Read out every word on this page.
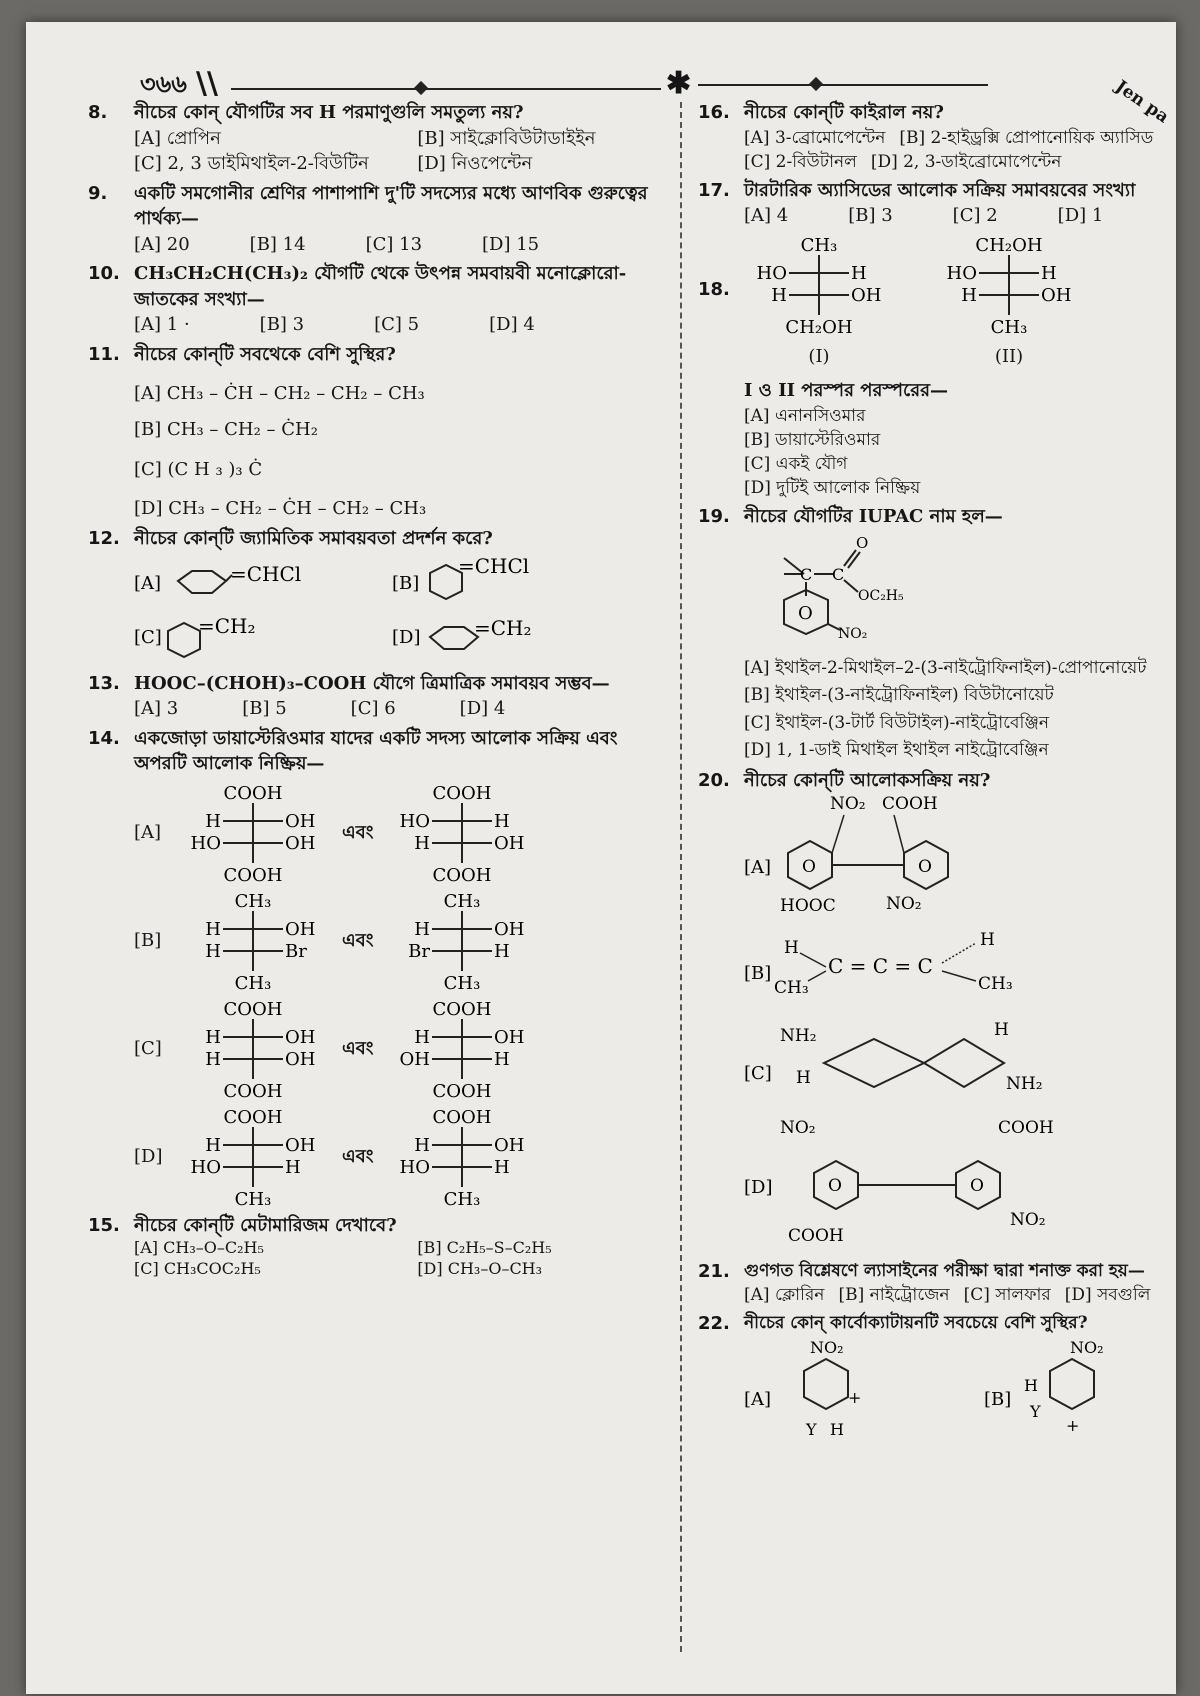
৩৬৬ \\	✱	Jen pa
8. নীচের কোন্ যৌগটির সব H পরমাণুগুলি সমতুল্য নয়?
[A] প্রোপিন	[B] সাইক্লোবিউটাডাইইন
[C] 2, 3 ডাইমিথাইল-2-বিউটিন	[D] নিওপেন্টেন
9. একটি সমগোনীর শ্রেণির পাশাপাশি দু'টি সদস্যের মধ্যে আণবিক গুরুত্বের পার্থক্য—
[A] 20	[B] 14	[C] 13	[D] 15
10. CH₃CH₂CH(CH₃)₂ যৌগটি থেকে উৎপন্ন সমবায়বী মনোক্লোরো-জাতকের সংখ্যা—
[A] 1 ·	[B] 3	[C] 5	[D] 4
11. নীচের কোন্‌টি সবথেকে বেশি সুস্থির?
[A] CH₃ – ĊH – CH₂ – CH₂ – CH₃
[B] CH₃ – CH₂ – ĊH₂
[C] (C H ₃ )₃ Ċ
[D] CH₃ – CH₂ – ĊH – CH₂ – CH₃
12. নীচের কোন্‌টি জ্যামিতিক সমাবয়বতা প্রদর্শন করে?
[A]	=CHCl	[B]
=CHCl
[C] =CH₂	[D]	=CH₂
13. HOOC–(CHOH)₃–COOH যৌগে ত্রিমাত্রিক সমাবয়ব সম্ভব—
[A] 3	[B] 5	[C] 6	[D] 4
14. একজোড়া ডায়াস্টেরিওমার যাদের একটি সদস্য আলোক সক্রিয় এবং অপরটি আলোক নিষ্ক্রিয়—
[A]
COOH
H	OH
HO	OH
COOH
এবং
COOH
HO	H
H	OH
COOH
[B]
CH₃
H	OH
H	Br
CH₃
এবং
CH₃
H	OH
Br	H
CH₃
[C]
COOH
H	OH
H	OH
COOH
এবং
COOH
H	OH
OH	H
COOH
[D]
COOH
H	OH
HO	H
CH₃
এবং
COOH
H	OH
HO	H
CH₃
15. নীচের কোন্‌টি মেটামারিজম দেখাবে?
[A] CH₃–O–C₂H₅	[B] C₂H₅–S–C₂H₅
[C] CH₃COC₂H₅	[D] CH₃–O–CH₃
16. নীচের কোন্‌টি কাইরাল নয়?
[A] 3-ব্রোমোপেন্টেন [B] 2-হাইড্রক্সি প্রোপানোয়িক অ্যাসিড
[C] 2-বিউটানল [D] 2, 3-ডাইব্রোমোপেন্টেন
17. টারটারিক অ্যাসিডের আলোক সক্রিয় সমাবয়বের সংখ্যা
[A] 4	[B] 3	[C] 2	[D] 1
18.
CH₃
HO	H
H	OH
CH₂OH
(I)
CH₂OH
HO	H
H	OH
CH₃
(II)
I ও II পরস্পর পরস্পরের—
[A] এনানসিওমার
[B] ডায়াস্টেরিওমার
[C] একই যৌগ
[D] দুটিই আলোক নিষ্ক্রিয়
19. নীচের যৌগটির IUPAC নাম হল—
C C
O
OC₂H₅
O
NO₂
[A] ইথাইল-2-মিথাইল–2-(3-নাইট্রোফিনাইল)-প্রোপানোয়েট
[B] ইথাইল-(3-নাইট্রোফিনাইল) বিউটানোয়েট
[C] ইথাইল-(3-টার্ট বিউটাইল)-নাইট্রোবেঞ্জিন
[D] 1, 1-ডাই মিথাইল ইথাইল নাইট্রোবেঞ্জিন
20. নীচের কোন্‌টি আলোকসক্রিয় নয়?
[A]
NO₂ COOH
O	O
HOOC	NO₂
[B]
H
CH₃
C = C = C
H
CH₃
[C]
NH₂
H
H
NH₂
[D]
NO₂
O	O
COOH
COOH
NO₂
21. গুণগত বিশ্লেষণে ল্যাসাইনের পরীক্ষা দ্বারা শনাক্ত করা হয়—
[A] ক্লোরিন [B] নাইট্রোজেন [C] সালফার [D] সবগুলি
22. নীচের কোন্ কার্বোক্যাটায়নটি সবচেয়ে বেশি সুস্থির?
[A]
NO₂
+
Y H
[B]
NO₂
H
Y
+
